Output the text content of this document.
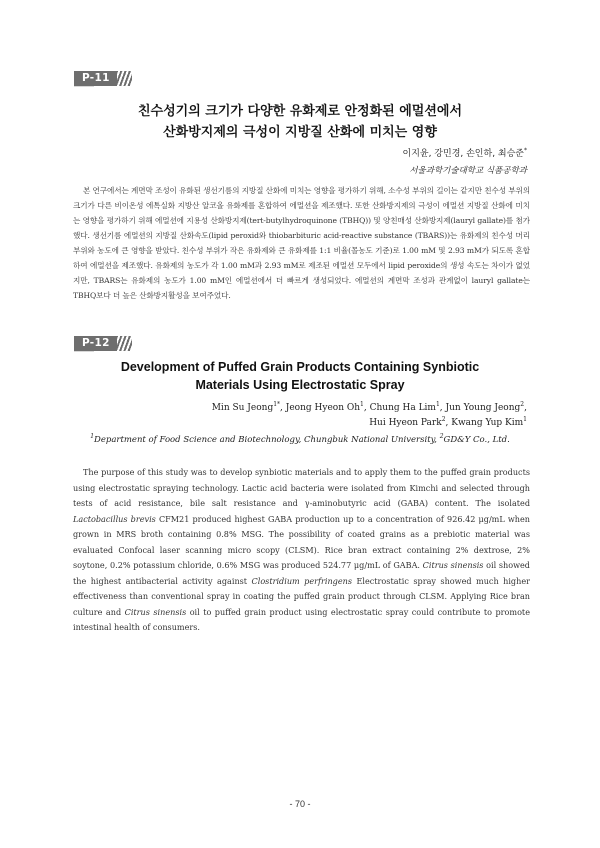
P-11
친수성기의 크기가 다양한 유화제로 안정화된 에멀션에서
산화방지제의 극성이 지방질 산화에 미치는 영향
이지윤, 강민경, 손인하, 최승준*
서울과학기술대학교 식품공학과

본 연구에서는 계면막 조성이 유화된 생선기름의 지방질 산화에 미치는 영향을 평가하기 위해, 소수성 부위의 길이는 같지만 친수성 부위의 크기가 다른 비이온성 에톡실화 지방산 알코올 유화제를 혼합하여 에멀션을 제조했다. 또한 산화방지제의 극성이 에멀션 지방질 산화에 미치는 영향을 평가하기 위해 에멀션에 지용성 산화방지제(tert-butylhydroquinone (TBHQ)) 및 양친매성 산화방지제(lauryl gallate)를 첨가했다. 생선기름 에멀션의 지방질 산화속도(lipid peroxid와 thiobarbituric acid-reactive substance (TBARS))는 유화제의 친수성 머리 부위와 농도에 큰 영향을 받았다. 친수성 부위가 작은 유화제와 큰 유화제를 1:1 비율(몰농도 기준)로 1.00 mM 및 2.93 mM가 되도록 혼합하여 에멀션을 제조했다. 유화제의 농도가 각 1.00 mM과 2.93 mM로 제조된 에멀션 모두에서 lipid peroxide의 생성 속도는 차이가 없었지만, TBARS는 유화제의 농도가 1.00 mM인 에멀션에서 더 빠르게 생성되었다. 에멀션의 계면막 조성과 관계없이 lauryl gallate는 TBHQ보다 더 높은 산화방지활성을 보여주었다.

P-12
Development of Puffed Grain Products Containing Synbiotic
Materials Using Electrostatic Spray
Min Su Jeong$^{1*}$, Jeong Hyeon Oh$^1$, Chung Ha Lim$^1$, Jun Young Jeong$^2$,
Hui Hyeon Park$^2$, Kwang Yup Kim$^1$
$^1$Department of Food Science and Biotechnology, Chungbuk National University, $^2$GD&Y Co., Ltd.

The purpose of this study was to develop synbiotic materials and to apply them to the puffed grain products using electrostatic spraying technology. Lactic acid bacteria were isolated from Kimchi and selected through tests of acid resistance, bile salt resistance and γ-aminobutyric acid (GABA) content. The isolated Lactobacillus brevis CFM21 produced highest GABA production up to a concentration of 926.42 μg/mL when grown in MRS broth containing 0.8% MSG. The possibility of coated grains as a prebiotic material was evaluated Confocal laser scanning micro scopy (CLSM). Rice bran extract containing 2% dextrose, 2% soytone, 0.2% potassium chloride, 0.6% MSG was produced 524.77 μg/mL of GABA. Citrus sinensis oil showed the highest antibacterial activity against Clostridium perfringens Electrostatic spray showed much higher effectiveness than conventional spray in coating the puffed grain product through CLSM. Applying Rice bran culture and Citrus sinensis oil to puffed grain product using electrostatic spray could contribute to promote intestinal health of consumers.

- 70 -
